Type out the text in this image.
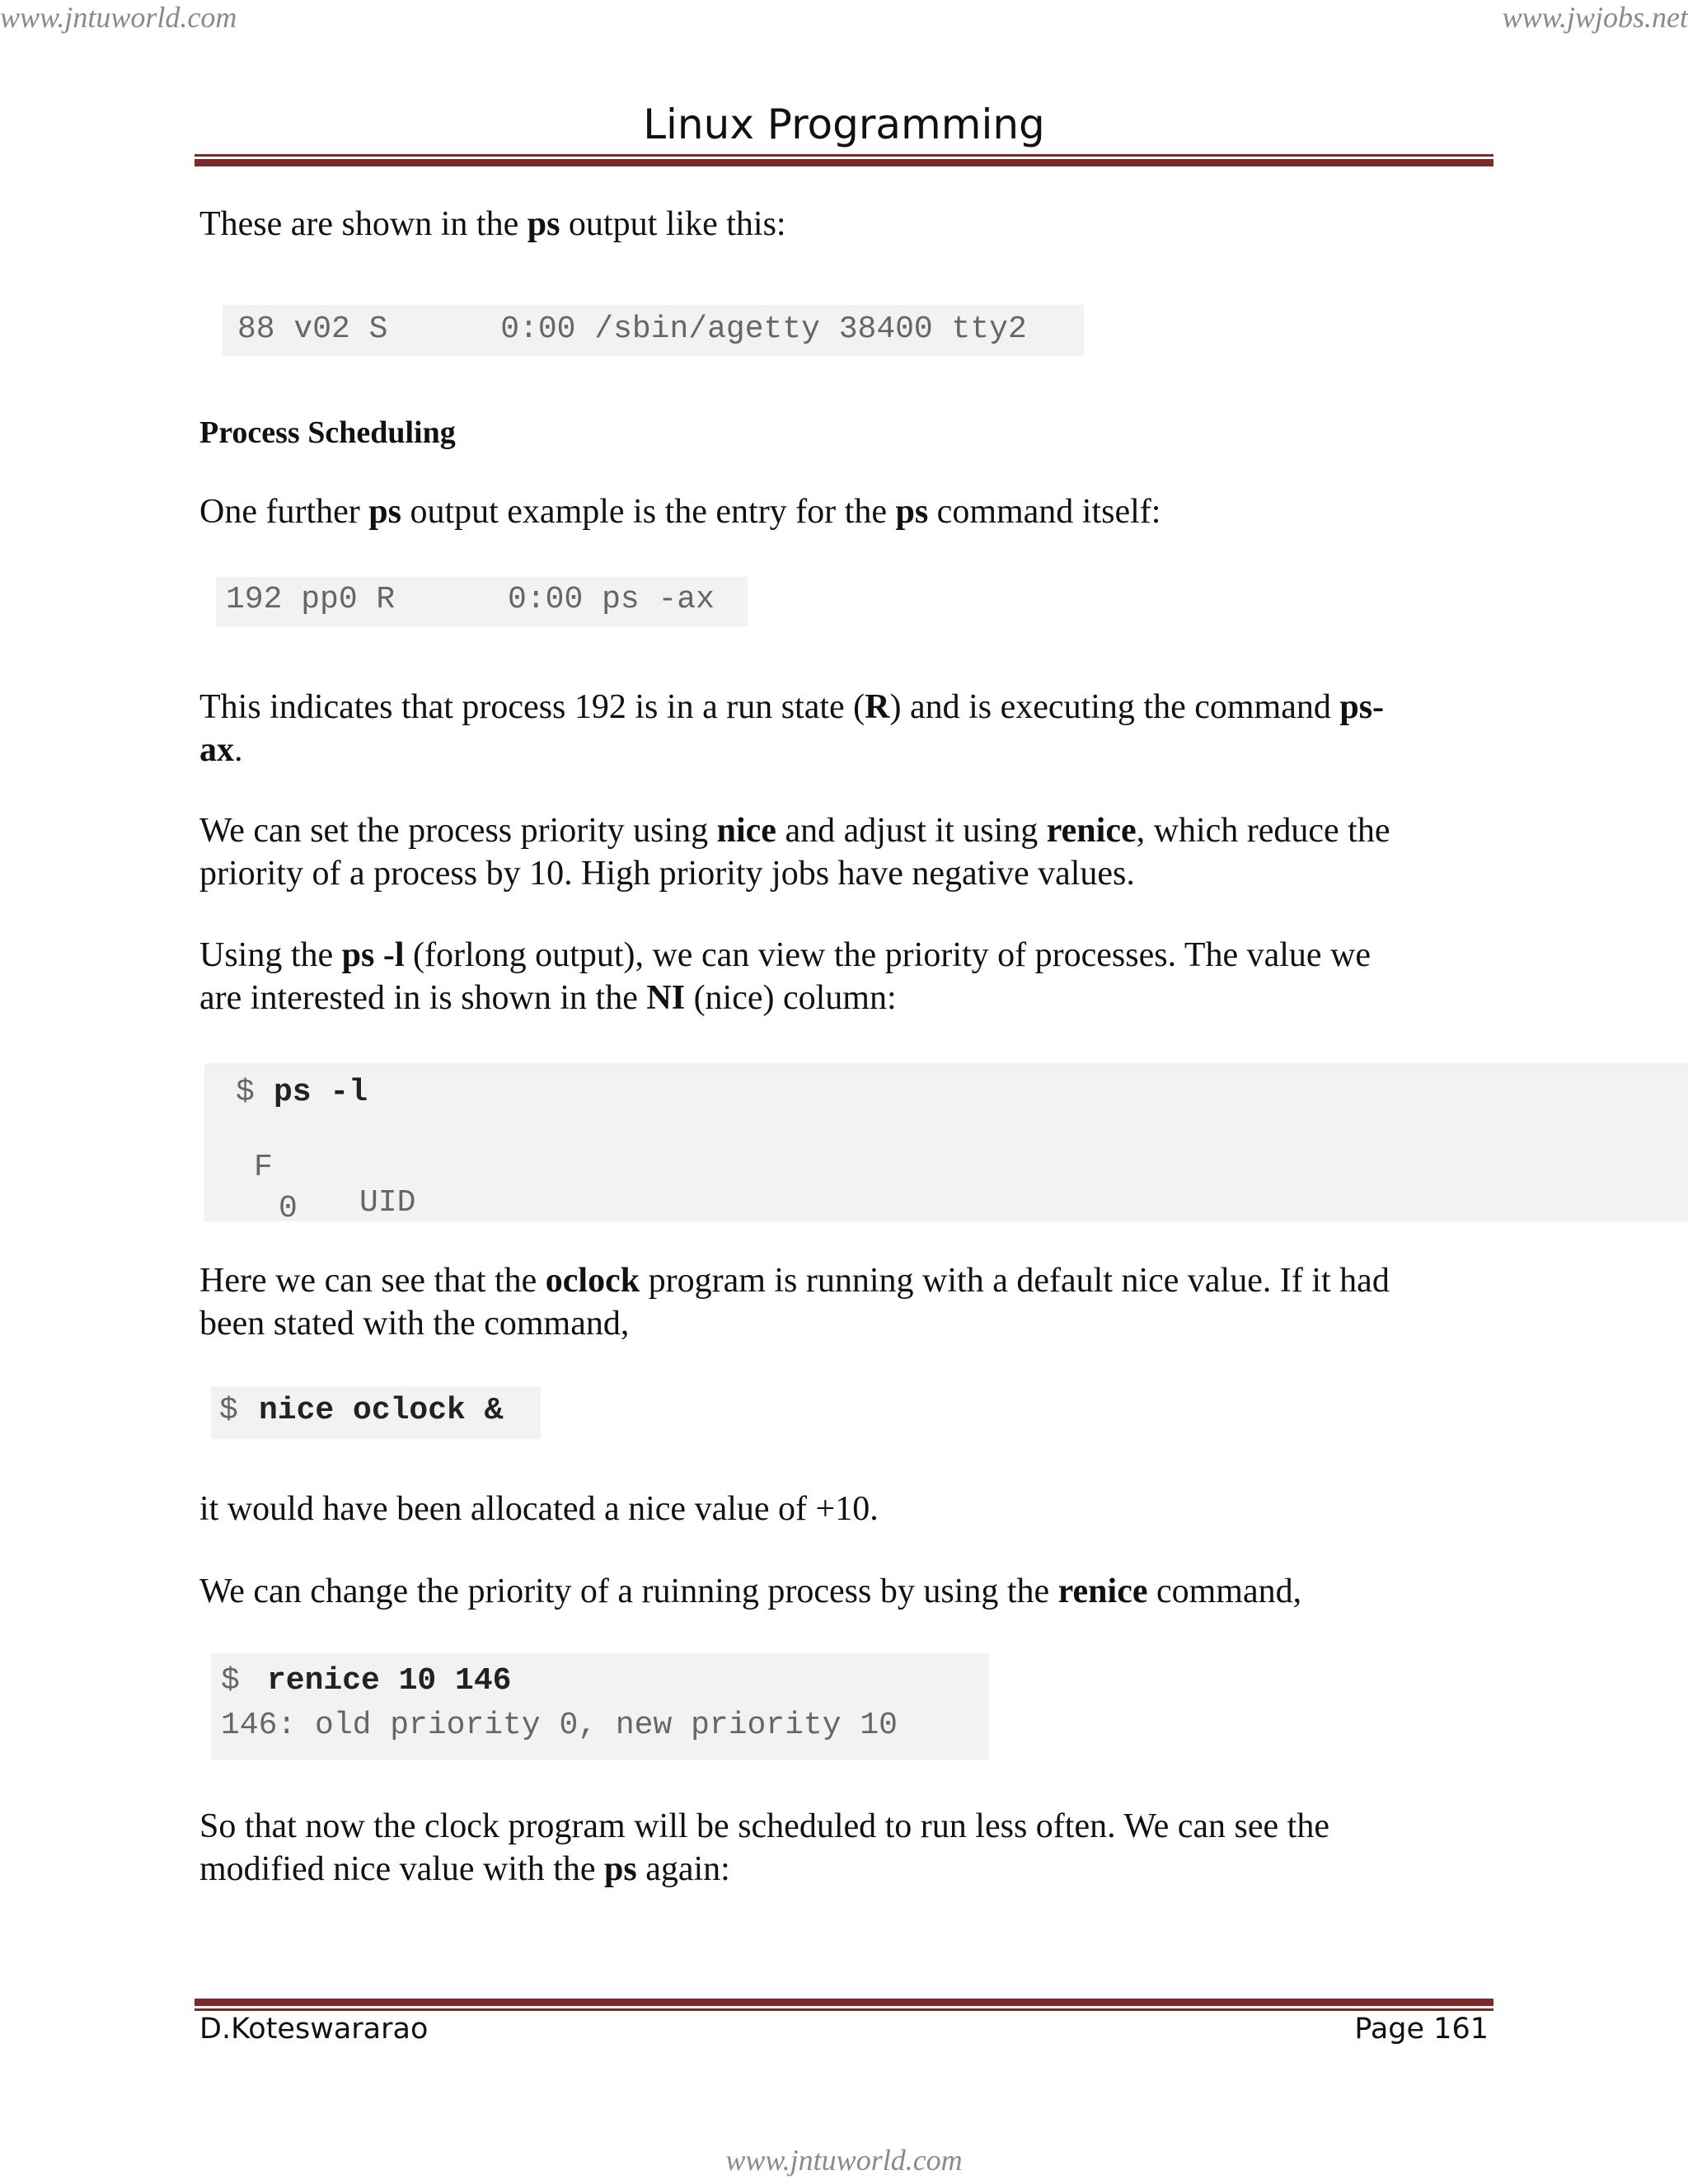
www.jntuworld.com	www.jwjobs.net
Linux Programming
These are shown in the ps output like this:
88 v02 S      0:00 /sbin/agetty 38400 tty2
Process Scheduling
One further ps output example is the entry for the ps command itself:
192 pp0 R      0:00 ps -ax
This indicates that process 192 is in a run state (R) and is executing the command ps-
ax.
We can set the process priority using nice and adjust it using renice, which reduce the
priority of a process by 10. High priority jobs have negative values.
Using the ps -l (forlong output), we can view the priority of processes. The value we
are interested in is shown in the NI (nice) column:
$ ps -l

F

UID

0

Here we can see that the oclock program is running with a default nice value. If it had
been stated with the command,
$ nice oclock &
it would have been allocated a nice value of +10.
We can change the priority of a ruinning process by using the renice command,
$ renice 10 146
146: old priority 0, new priority 10
So that now the clock program will be scheduled to run less often. We can see the
modified nice value with the ps again:
D.Koteswararao	Page 161
www.jntuworld.com
